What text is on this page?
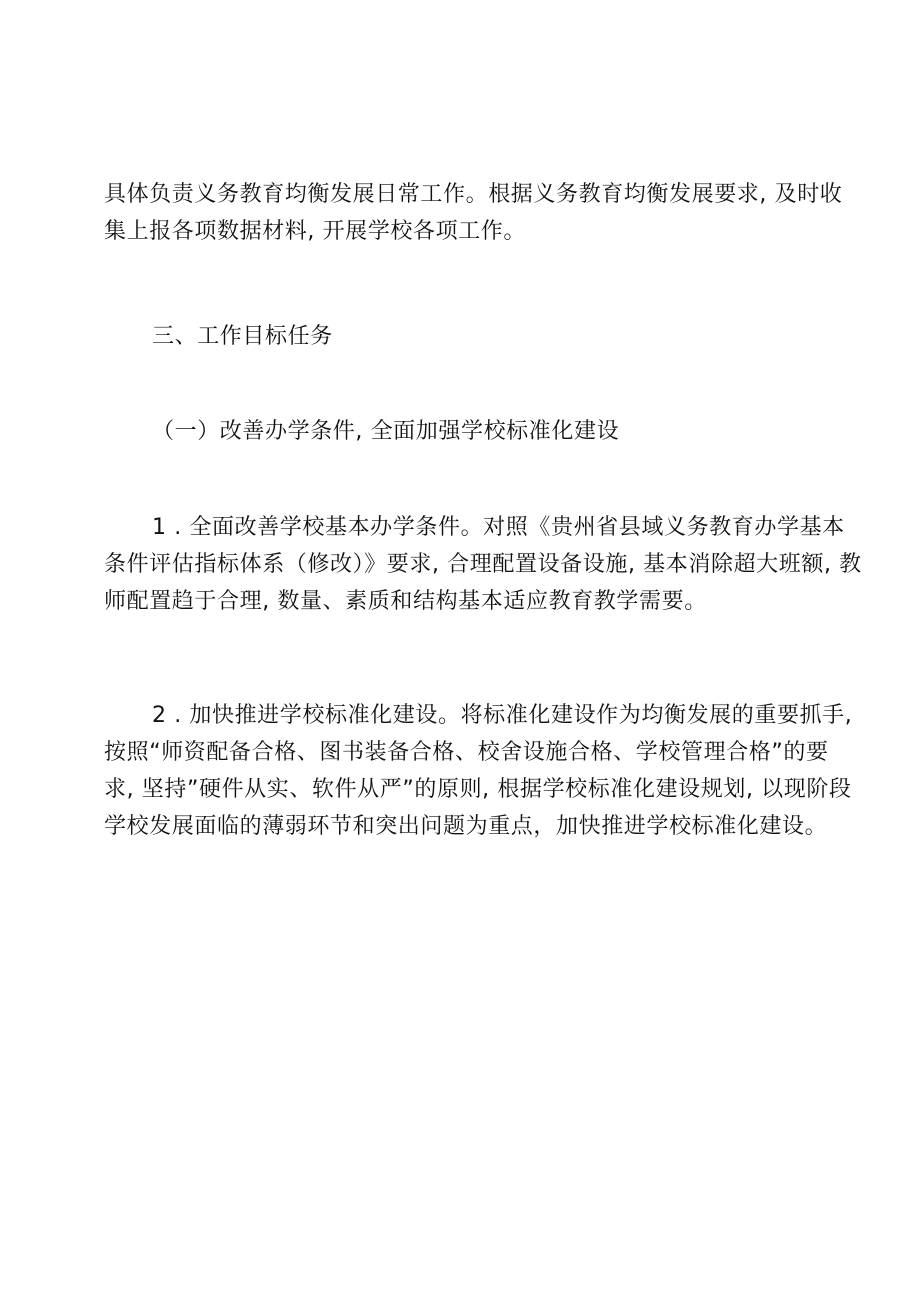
具体负责义务教育均衡发展日常工作。根据义务教育均衡发展要求, 及时收
集上报各项数据材料, 开展学校各项工作。
三、工作目标任务
（一）改善办学条件, 全面加强学校标准化建设
1 . 全面改善学校基本办学条件。对照《贵州省县域义务教育办学基本
条件评估指标体系（修改）》要求, 合理配置设备设施, 基本消除超大班额, 教
师配置趋于合理, 数量、素质和结构基本适应教育教学需要。
2 . 加快推进学校标准化建设。将标准化建设作为均衡发展的重要抓手,
按照“师资配备合格、图书装备合格、校舍设施合格、学校管理合格”的要
求, 坚持”硬件从实、软件从严”的原则, 根据学校标准化建设规划, 以现阶段
学校发展面临的薄弱环节和突出问题为重点，加快推进学校标准化建设。
